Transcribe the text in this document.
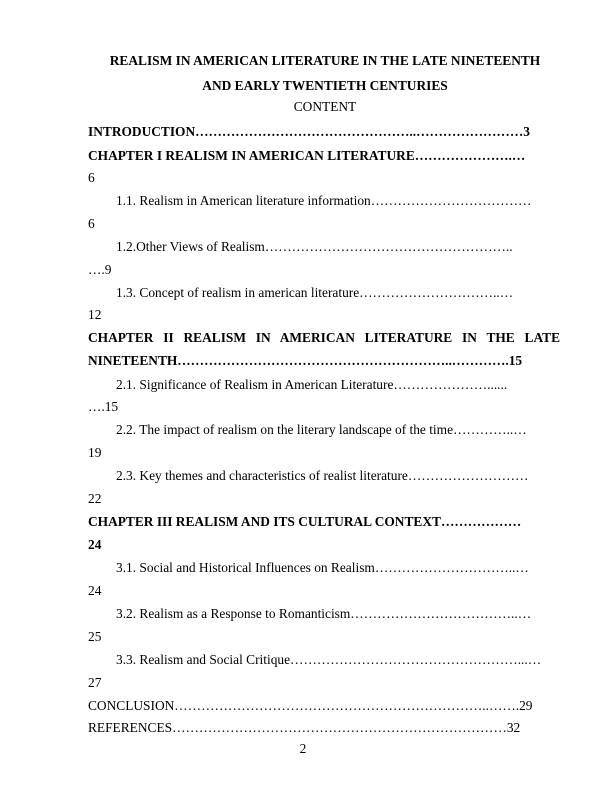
REALISM IN AMERICAN LITERATURE IN THE LATE NINETEENTH
AND EARLY TWENTIETH CENTURIES
CONTENT
INTRODUCTION…………………………………………..……………………3
CHAPTER I REALISM IN AMERICAN LITERATURE………………….…
6
1.1. Realism in American literature information………………………………
6
1.2.Other Views of Realism………………………………………………..
….9
1.3. Concept of realism in american literature…………………………..…
12
CHAPTER II REALISM IN AMERICAN LITERATURE IN THE LATE
NINETEENTH……………………………………………………..………….15
2.1. Significance of Realism in American Literature…………………......
….15
2.2. The impact of realism on the literary landscape of the time…………..…
19
2.3. Key themes and characteristics of realist literature………………………
22
CHAPTER III REALISM AND ITS CULTURAL CONTEXT………………
24
3.1. Social and Historical Influences on Realism…………………………..…
24
3.2. Realism as a Response to Romanticism………………………………..…
25
3.3. Realism and Social Critique……………………………………………...…
27
CONCLUSION……………………………………………………………..…….29
REFERENCES…………………………………………………………………32
2
